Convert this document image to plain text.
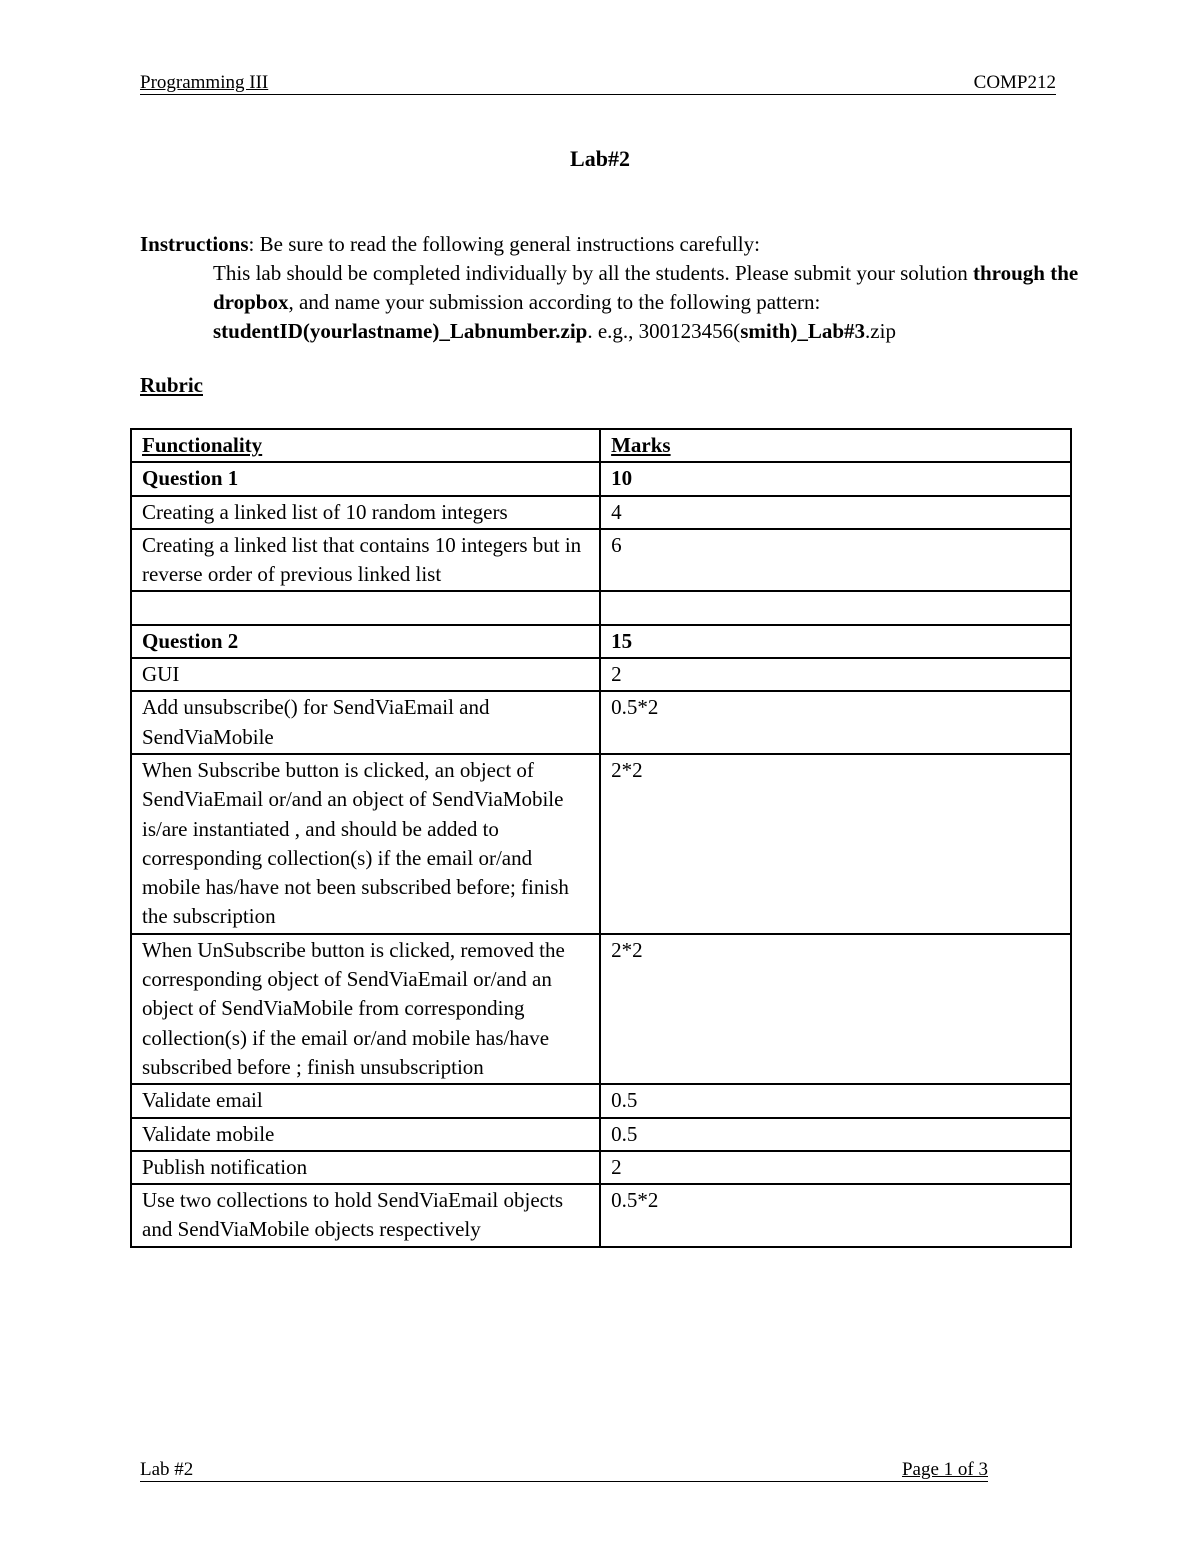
Programming III	COMP212
Lab#2
Instructions: Be sure to read the following general instructions carefully:
This lab should be completed individually by all the students. Please submit your solution through the dropbox, and name your submission according to the following pattern:
studentID(yourlastname)_Labnumber.zip. e.g., 300123456(smith)_Lab#3.zip
Rubric
Functionality	Marks
Question 1	10
Creating a linked list of 10 random integers	4
Creating a linked list that contains 10 integers but in reverse order of previous linked list	6

Question 2	15
GUI	2
Add unsubscribe() for SendViaEmail and SendViaMobile	0.5*2
When Subscribe button is clicked, an object of SendViaEmail or/and an object of SendViaMobile is/are instantiated , and should be added to corresponding collection(s) if the email or/and mobile has/have not been subscribed before; finish the subscription	2*2
When UnSubscribe button is clicked, removed the corresponding object of SendViaEmail or/and an object of SendViaMobile from corresponding collection(s) if the email or/and mobile has/have subscribed before ; finish unsubscription	2*2
Validate email	0.5
Validate mobile	0.5
Publish notification	2
Use two collections to hold SendViaEmail objects and SendViaMobile objects respectively	0.5*2
Lab #2	Page 1 of 3
